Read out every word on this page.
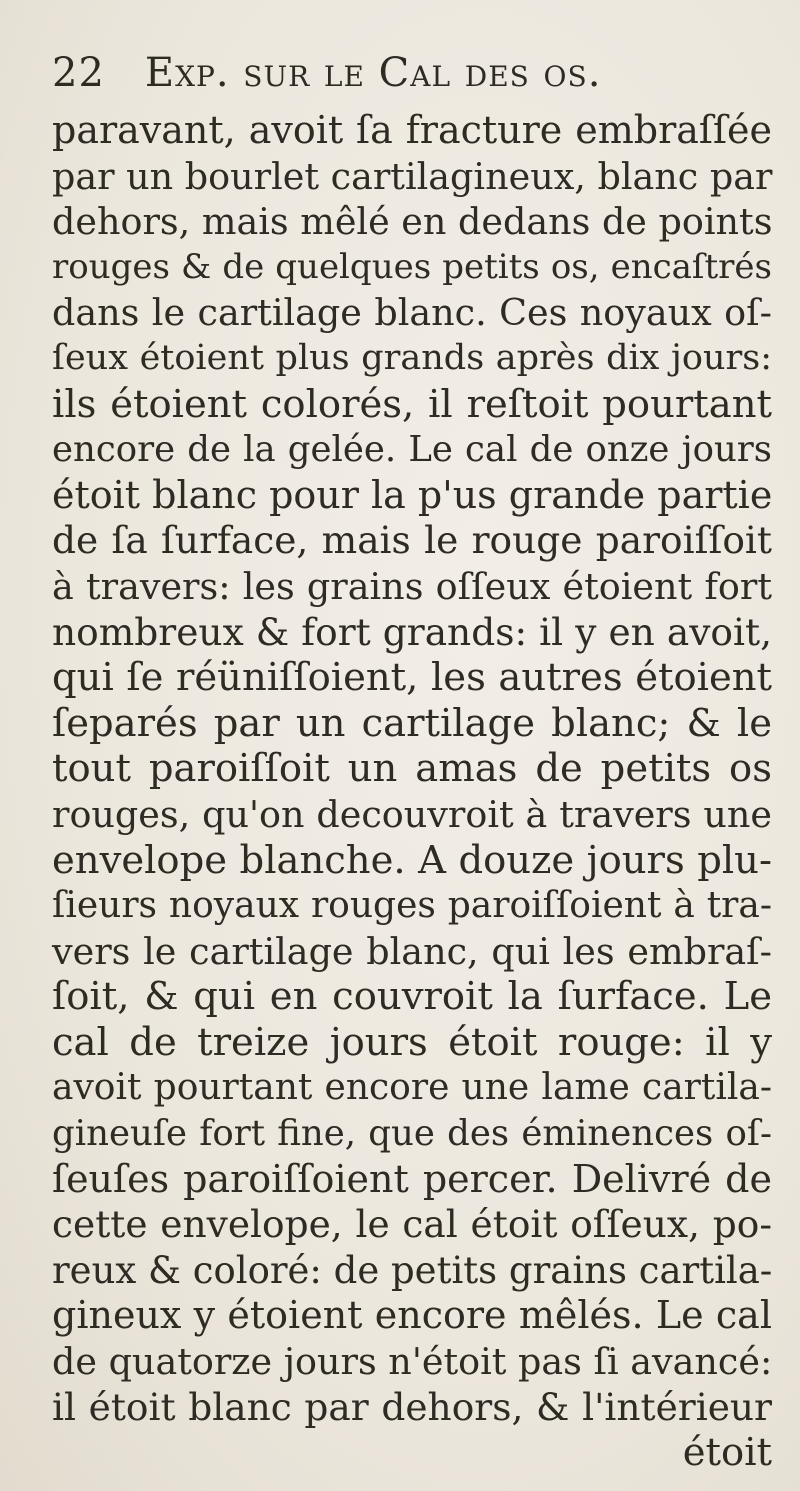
22 Exp. sur le Cal des os.
paravant, avoit ſa fracture embraſſée
par un bourlet cartilagineux, blanc par
dehors, mais mêlé en dedans de points
rouges & de quelques petits os, encaſtrés
dans le cartilage blanc. Ces noyaux oſ-
ſeux étoient plus grands après dix jours:
ils étoient colorés, il reſtoit pourtant
encore de la gelée. Le cal de onze jours
étoit blanc pour la p'us grande partie
de ſa ſurface, mais le rouge paroiſſoit
à travers: les grains oſſeux étoient fort
nombreux & fort grands: il y en avoit,
qui ſe réüniſſoient, les autres étoient
ſeparés par un cartilage blanc; & le
tout paroiſſoit un amas de petits os
rouges, qu'on decouvroit à travers une
envelope blanche. A douze jours plu-
ſieurs noyaux rouges paroiſſoient à tra-
vers le cartilage blanc, qui les embraſ-
ſoit, & qui en couvroit la ſurface. Le
cal de treize jours étoit rouge: il y
avoit pourtant encore une lame cartila-
gineuſe fort fine, que des éminences oſ-
ſeuſes paroiſſoient percer. Delivré de
cette envelope, le cal étoit oſſeux, po-
reux & coloré: de petits grains cartila-
gineux y étoient encore mêlés. Le cal
de quatorze jours n'étoit pas ſi avancé:
il étoit blanc par dehors, & l'intérieur
étoit
